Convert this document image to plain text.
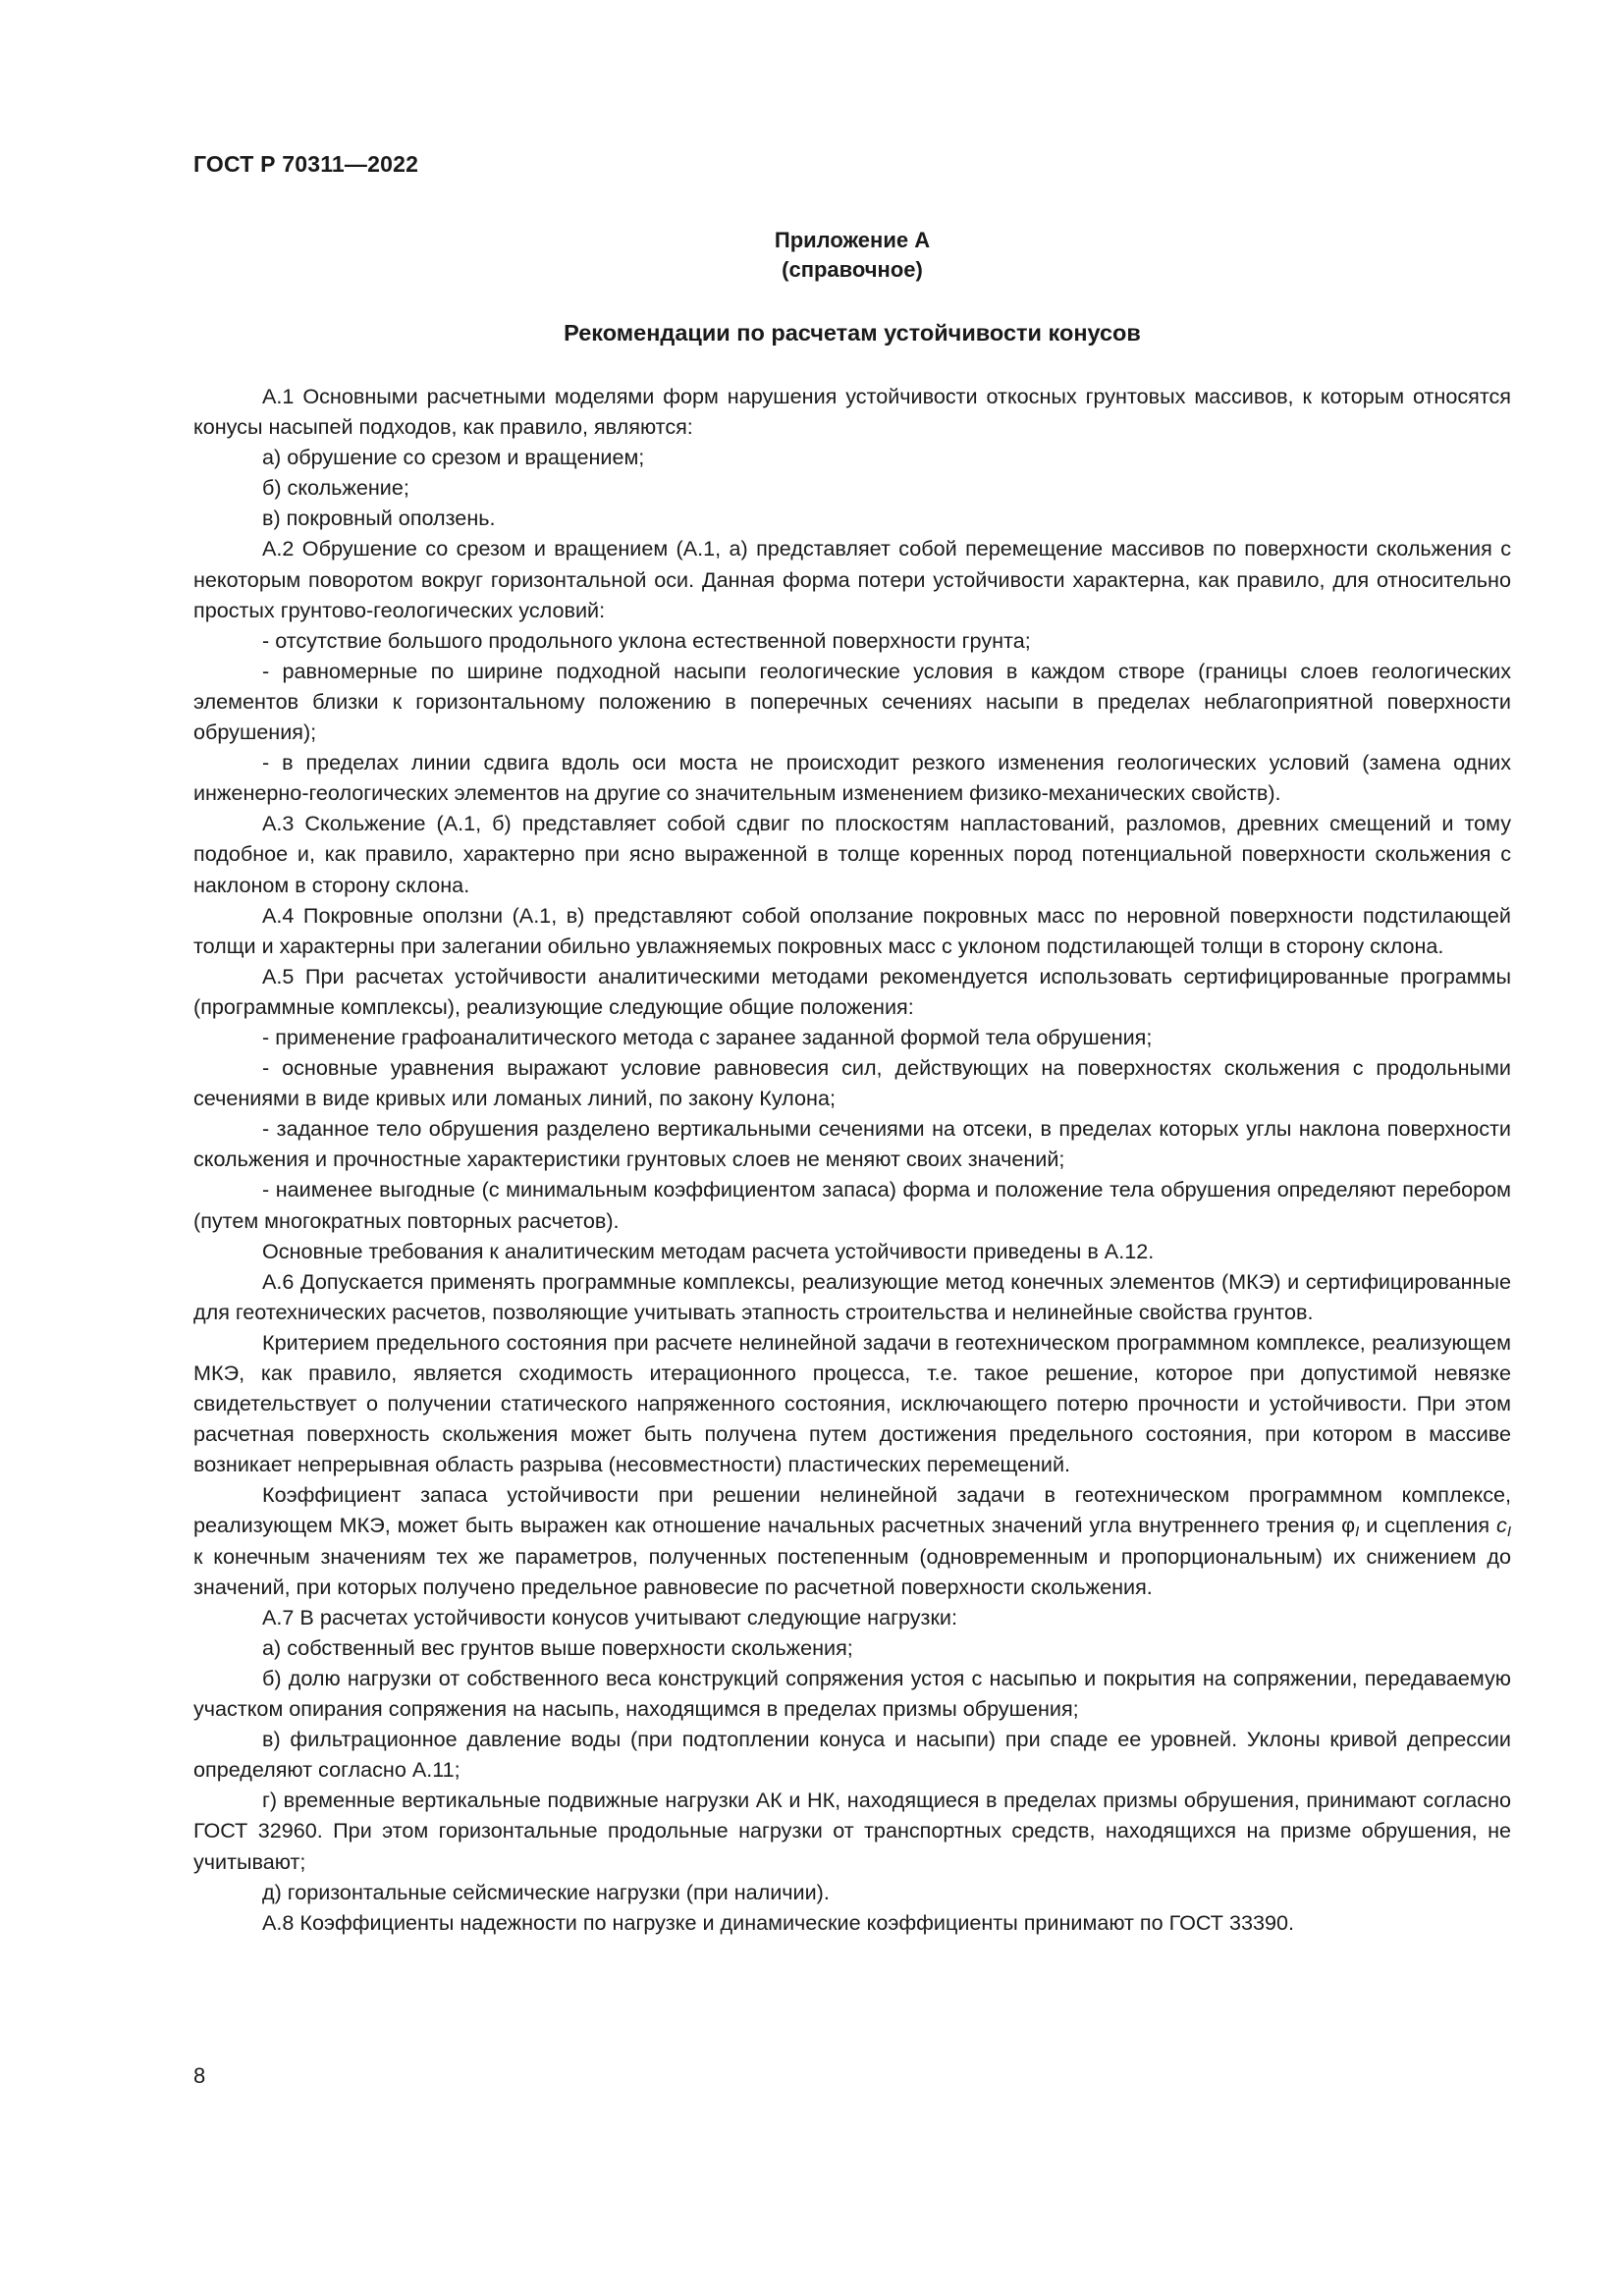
ГОСТ Р 70311—2022
Приложение А
(справочное)
Рекомендации по расчетам устойчивости конусов

А.1 Основными расчетными моделями форм нарушения устойчивости откосных грунтовых массивов, к которым относятся конусы насыпей подходов, как правило, являются:

а) обрушение со срезом и вращением;

б) скольжение;

в) покровный оползень.

А.2 Обрушение со срезом и вращением (А.1, а) представляет собой перемещение массивов по поверхности скольжения с некоторым поворотом вокруг горизонтальной оси. Данная форма потери устойчивости характерна, как правило, для относительно простых грунтово-геологических условий:

- отсутствие большого продольного уклона естественной поверхности грунта;

- равномерные по ширине подходной насыпи геологические условия в каждом створе (границы слоев геологических элементов близки к горизонтальному положению в поперечных сечениях насыпи в пределах неблагоприятной поверхности обрушения);

- в пределах линии сдвига вдоль оси моста не происходит резкого изменения геологических условий (замена одних инженерно-геологических элементов на другие со значительным изменением физико-механических свойств).

А.3 Скольжение (А.1, б) представляет собой сдвиг по плоскостям напластований, разломов, древних смещений и тому подобное и, как правило, характерно при ясно выраженной в толще коренных пород потенциальной поверхности скольжения с наклоном в сторону склона.

А.4 Покровные оползни (А.1, в) представляют собой оползание покровных масс по неровной поверхности подстилающей толщи и характерны при залегании обильно увлажняемых покровных масс с уклоном подстилающей толщи в сторону склона.

А.5 При расчетах устойчивости аналитическими методами рекомендуется использовать сертифицированные программы (программные комплексы), реализующие следующие общие положения:

- применение графоаналитического метода с заранее заданной формой тела обрушения;

- основные уравнения выражают условие равновесия сил, действующих на поверхностях скольжения с продольными сечениями в виде кривых или ломаных линий, по закону Кулона;

- заданное тело обрушения разделено вертикальными сечениями на отсеки, в пределах которых углы наклона поверхности скольжения и прочностные характеристики грунтовых слоев не меняют своих значений;

- наименее выгодные (с минимальным коэффициентом запаса) форма и положение тела обрушения определяют перебором (путем многократных повторных расчетов).

Основные требования к аналитическим методам расчета устойчивости приведены в А.12.

А.6 Допускается применять программные комплексы, реализующие метод конечных элементов (МКЭ) и сертифицированные для геотехнических расчетов, позволяющие учитывать этапность строительства и нелинейные свойства грунтов.

Критерием предельного состояния при расчете нелинейной задачи в геотехническом программном комплексе, реализующем МКЭ, как правило, является сходимость итерационного процесса, т.е. такое решение, которое при допустимой невязке свидетельствует о получении статического напряженного состояния, исключающего потерю прочности и устойчивости. При этом расчетная поверхность скольжения может быть получена путем достижения предельного состояния, при котором в массиве возникает непрерывная область разрыва (несовместности) пластических перемещений.

Коэффициент запаса устойчивости при решении нелинейной задачи в геотехническом программном комплексе, реализующем МКЭ, может быть выражен как отношение начальных расчетных значений угла внутреннего трения $\varphi_I$ и сцепления $c_I$ к конечным значениям тех же параметров, полученных постепенным (одновременным и пропорциональным) их снижением до значений, при которых получено предельное равновесие по расчетной поверхности скольжения.

А.7 В расчетах устойчивости конусов учитывают следующие нагрузки:

а) собственный вес грунтов выше поверхности скольжения;

б) долю нагрузки от собственного веса конструкций сопряжения устоя с насыпью и покрытия на сопряжении, передаваемую участком опирания сопряжения на насыпь, находящимся в пределах призмы обрушения;

в) фильтрационное давление воды (при подтоплении конуса и насыпи) при спаде ее уровней. Уклоны кривой депрессии определяют согласно А.11;

г) временные вертикальные подвижные нагрузки АК и НК, находящиеся в пределах призмы обрушения, принимают согласно ГОСТ 32960. При этом горизонтальные продольные нагрузки от транспортных средств, находящихся на призме обрушения, не учитывают;

д) горизонтальные сейсмические нагрузки (при наличии).

А.8 Коэффициенты надежности по нагрузке и динамические коэффициенты принимают по ГОСТ 33390.

8
